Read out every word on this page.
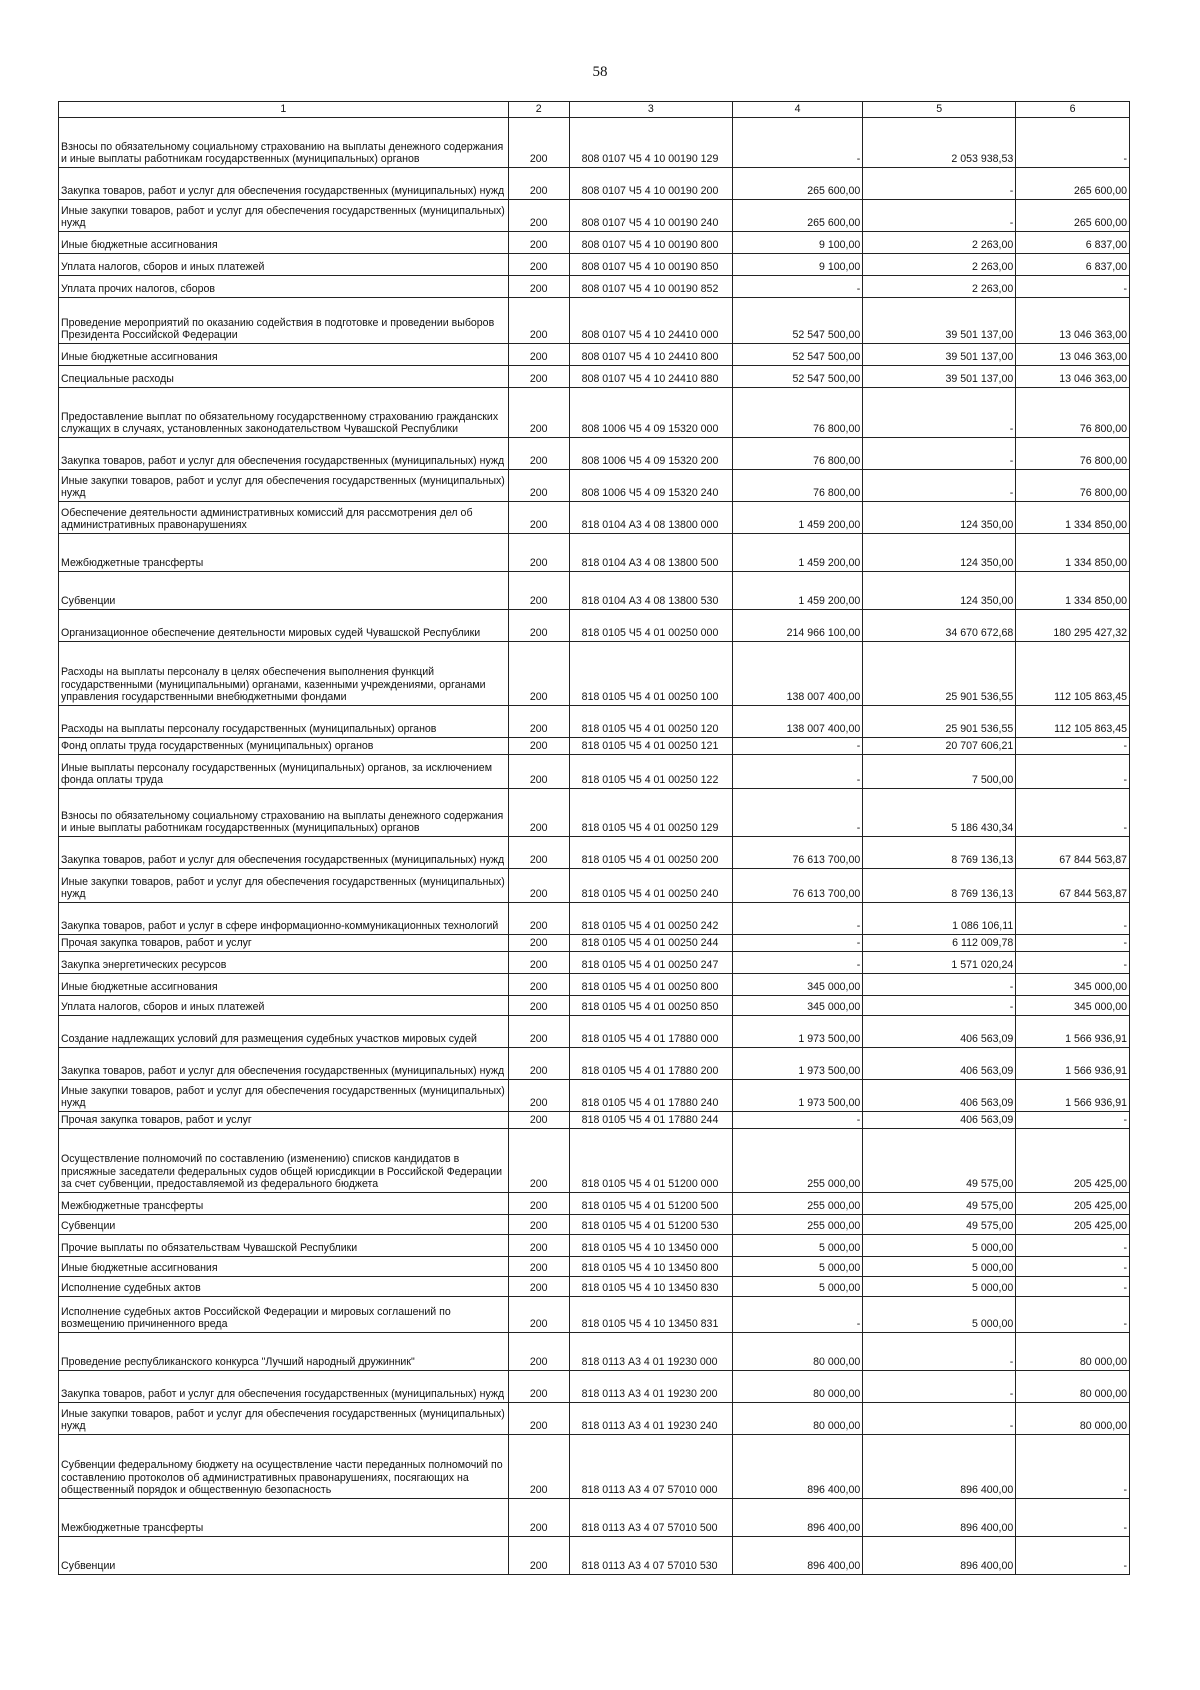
58
1	2	3	4	5	6
Взносы по обязательному социальному страхованию на выплаты денежного содержания и иные выплаты работникам государственных (муниципальных) органов	200	808 0107 Ч5 4 10 00190 129	-	2 053 938,53	-
Закупка товаров, работ и услуг для обеспечения государственных (муниципальных) нужд	200	808 0107 Ч5 4 10 00190 200	265 600,00	-	265 600,00
Иные закупки товаров, работ и услуг для обеспечения государственных (муниципальных) нужд	200	808 0107 Ч5 4 10 00190 240	265 600,00	-	265 600,00
Иные бюджетные ассигнования	200	808 0107 Ч5 4 10 00190 800	9 100,00	2 263,00	6 837,00
Уплата налогов, сборов и иных платежей	200	808 0107 Ч5 4 10 00190 850	9 100,00	2 263,00	6 837,00
Уплата прочих налогов, сборов	200	808 0107 Ч5 4 10 00190 852	-	2 263,00	-
Проведение мероприятий по оказанию содействия в подготовке и проведении выборов Президента Российской Федерации	200	808 0107 Ч5 4 10 24410 000	52 547 500,00	39 501 137,00	13 046 363,00
Иные бюджетные ассигнования	200	808 0107 Ч5 4 10 24410 800	52 547 500,00	39 501 137,00	13 046 363,00
Специальные расходы	200	808 0107 Ч5 4 10 24410 880	52 547 500,00	39 501 137,00	13 046 363,00
Предоставление выплат по обязательному государственному страхованию гражданских служащих в случаях, установленных законодательством Чувашской Республики	200	808 1006 Ч5 4 09 15320 000	76 800,00	-	76 800,00
Закупка товаров, работ и услуг для обеспечения государственных (муниципальных) нужд	200	808 1006 Ч5 4 09 15320 200	76 800,00	-	76 800,00
Иные закупки товаров, работ и услуг для обеспечения государственных (муниципальных) нужд	200	808 1006 Ч5 4 09 15320 240	76 800,00	-	76 800,00
Обеспечение деятельности административных комиссий для рассмотрения дел об административных правонарушениях	200	818 0104 А3 4 08 13800 000	1 459 200,00	124 350,00	1 334 850,00
Межбюджетные трансферты	200	818 0104 А3 4 08 13800 500	1 459 200,00	124 350,00	1 334 850,00
Субвенции	200	818 0104 А3 4 08 13800 530	1 459 200,00	124 350,00	1 334 850,00
Организационное обеспечение деятельности мировых судей Чувашской Республики	200	818 0105 Ч5 4 01 00250 000	214 966 100,00	34 670 672,68	180 295 427,32
Расходы на выплаты персоналу в целях обеспечения выполнения функций государственными (муниципальными) органами, казенными учреждениями, органами управления государственными внебюджетными фондами	200	818 0105 Ч5 4 01 00250 100	138 007 400,00	25 901 536,55	112 105 863,45
Расходы на выплаты персоналу государственных (муниципальных) органов	200	818 0105 Ч5 4 01 00250 120	138 007 400,00	25 901 536,55	112 105 863,45
Фонд оплаты труда государственных (муниципальных) органов	200	818 0105 Ч5 4 01 00250 121	-	20 707 606,21	-
Иные выплаты персоналу государственных (муниципальных) органов, за исключением фонда оплаты труда	200	818 0105 Ч5 4 01 00250 122	-	7 500,00	-
Взносы по обязательному социальному страхованию на выплаты денежного содержания и иные выплаты работникам государственных (муниципальных) органов	200	818 0105 Ч5 4 01 00250 129	-	5 186 430,34	-
Закупка товаров, работ и услуг для обеспечения государственных (муниципальных) нужд	200	818 0105 Ч5 4 01 00250 200	76 613 700,00	8 769 136,13	67 844 563,87
Иные закупки товаров, работ и услуг для обеспечения государственных (муниципальных) нужд	200	818 0105 Ч5 4 01 00250 240	76 613 700,00	8 769 136,13	67 844 563,87
Закупка товаров, работ и услуг в сфере информационно-коммуникационных технологий	200	818 0105 Ч5 4 01 00250 242	-	1 086 106,11	-
Прочая закупка товаров, работ и услуг	200	818 0105 Ч5 4 01 00250 244	-	6 112 009,78	-
Закупка энергетических ресурсов	200	818 0105 Ч5 4 01 00250 247	-	1 571 020,24	-
Иные бюджетные ассигнования	200	818 0105 Ч5 4 01 00250 800	345 000,00	-	345 000,00
Уплата налогов, сборов и иных платежей	200	818 0105 Ч5 4 01 00250 850	345 000,00	-	345 000,00
Создание надлежащих условий для размещения судебных участков мировых судей	200	818 0105 Ч5 4 01 17880 000	1 973 500,00	406 563,09	1 566 936,91
Закупка товаров, работ и услуг для обеспечения государственных (муниципальных) нужд	200	818 0105 Ч5 4 01 17880 200	1 973 500,00	406 563,09	1 566 936,91
Иные закупки товаров, работ и услуг для обеспечения государственных (муниципальных) нужд	200	818 0105 Ч5 4 01 17880 240	1 973 500,00	406 563,09	1 566 936,91
Прочая закупка товаров, работ и услуг	200	818 0105 Ч5 4 01 17880 244	-	406 563,09	-
Осуществление полномочий по составлению (изменению) списков кандидатов в присяжные заседатели федеральных судов общей юрисдикции в Российской Федерации за счет субвенции, предоставляемой из федерального бюджета	200	818 0105 Ч5 4 01 51200 000	255 000,00	49 575,00	205 425,00
Межбюджетные трансферты	200	818 0105 Ч5 4 01 51200 500	255 000,00	49 575,00	205 425,00
Субвенции	200	818 0105 Ч5 4 01 51200 530	255 000,00	49 575,00	205 425,00
Прочие выплаты по обязательствам Чувашской Республики	200	818 0105 Ч5 4 10 13450 000	5 000,00	5 000,00	-
Иные бюджетные ассигнования	200	818 0105 Ч5 4 10 13450 800	5 000,00	5 000,00	-
Исполнение судебных актов	200	818 0105 Ч5 4 10 13450 830	5 000,00	5 000,00	-
Исполнение судебных актов Российской Федерации и мировых соглашений по возмещению причиненного вреда	200	818 0105 Ч5 4 10 13450 831	-	5 000,00	-
Проведение республиканского конкурса "Лучший народный дружинник"	200	818 0113 А3 4 01 19230 000	80 000,00	-	80 000,00
Закупка товаров, работ и услуг для обеспечения государственных (муниципальных) нужд	200	818 0113 А3 4 01 19230 200	80 000,00	-	80 000,00
Иные закупки товаров, работ и услуг для обеспечения государственных (муниципальных) нужд	200	818 0113 А3 4 01 19230 240	80 000,00	-	80 000,00
Субвенции федеральному бюджету на осуществление части переданных полномочий по составлению протоколов об административных правонарушениях, посягающих на общественный порядок и общественную безопасность	200	818 0113 А3 4 07 57010 000	896 400,00	896 400,00	-
Межбюджетные трансферты	200	818 0113 А3 4 07 57010 500	896 400,00	896 400,00	-
Субвенции	200	818 0113 А3 4 07 57010 530	896 400,00	896 400,00	-
